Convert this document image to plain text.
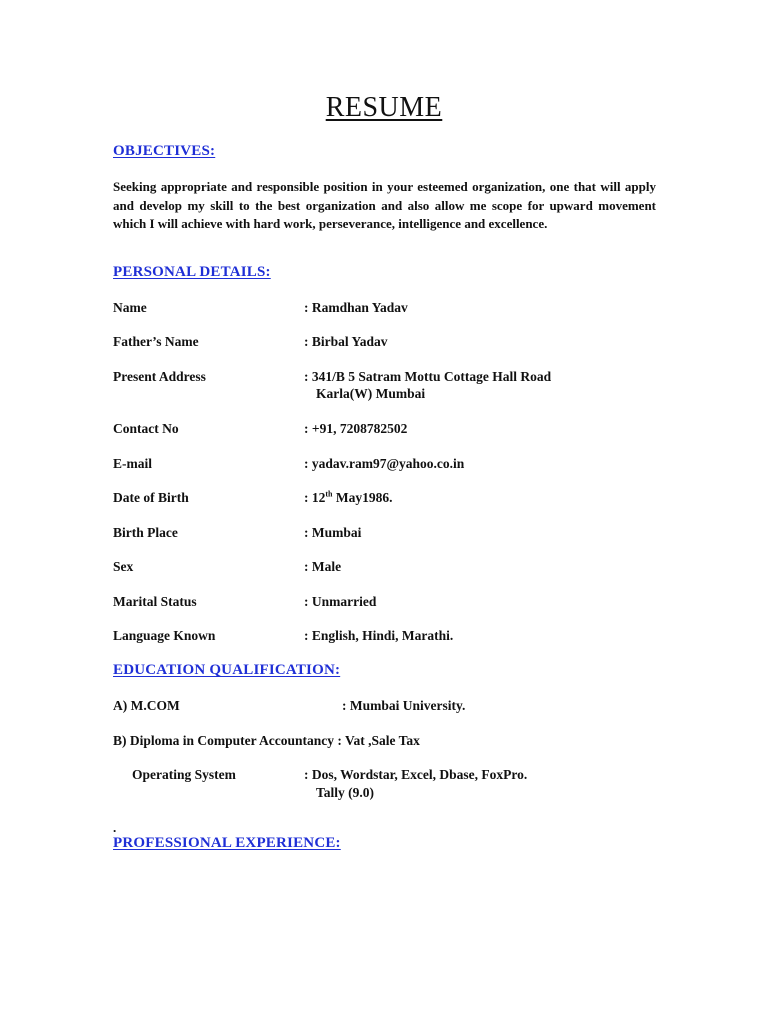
RESUME
OBJECTIVES:
Seeking appropriate and responsible position in your esteemed organization, one that will apply and develop my skill to the best organization and also allow me scope for upward movement which I will achieve with hard work, perseverance, intelligence and excellence.
PERSONAL DETAILS:
Name	: Ramdhan Yadav
Father’s Name	: Birbal Yadav
Present Address	: 341/B 5 Satram Mottu Cottage Hall Road
Karla(W) Mumbai
Contact No	: +91, 7208782502
E-mail	: yadav.ram97@yahoo.co.in
Date of Birth	: 12th May1986.
Birth Place	: Mumbai
Sex	: Male
Marital Status	: Unmarried
Language Known	: English, Hindi, Marathi.
EDUCATION QUALIFICATION:
A) M.COM	: Mumbai University.
B) Diploma in Computer Accountancy : Vat ,Sale Tax
Operating System	: Dos, Wordstar, Excel, Dbase, FoxPro.
Tally (9.0)
.
PROFESSIONAL EXPERIENCE:
